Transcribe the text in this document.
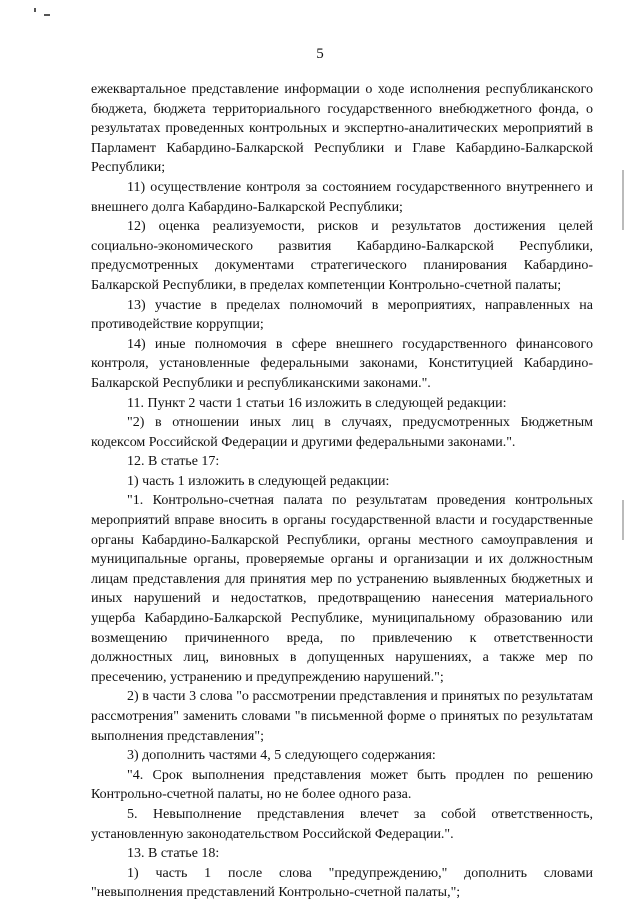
5

ежеквартальное представление информации о ходе исполнения республиканского бюджета, бюджета территориального государственного внебюджетного фонда, о результатах проведенных контрольных и экспертно-аналитических мероприятий в Парламент Кабардино-Балкарской Республики и Главе Кабардино-Балкарской Республики;

11) осуществление контроля за состоянием государственного внутреннего и внешнего долга Кабардино-Балкарской Республики;

12) оценка реализуемости, рисков и результатов достижения целей социально-экономического развития Кабардино-Балкарской Республики, предусмотренных документами стратегического планирования Кабардино-Балкарской Республики, в пределах компетенции Контрольно-счетной палаты;

13) участие в пределах полномочий в мероприятиях, направленных на противодействие коррупции;

14) иные полномочия в сфере внешнего государственного финансового контроля, установленные федеральными законами, Конституцией Кабардино-Балкарской Республики и республиканскими законами.".

11. Пункт 2 части 1 статьи 16 изложить в следующей редакции:

"2) в отношении иных лиц в случаях, предусмотренных Бюджетным кодексом Российской Федерации и другими федеральными законами.".

12. В статье 17:

1) часть 1 изложить в следующей редакции:

"1. Контрольно-счетная палата по результатам проведения контрольных мероприятий вправе вносить в органы государственной власти и государственные органы Кабардино-Балкарской Республики, органы местного самоуправления и муниципальные органы, проверяемые органы и организации и их должностным лицам представления для принятия мер по устранению выявленных бюджетных и иных нарушений и недостатков, предотвращению нанесения материального ущерба Кабардино-Балкарской Республике, муниципальному образованию или возмещению причиненного вреда, по привлечению к ответственности должностных лиц, виновных в допущенных нарушениях, а также мер по пресечению, устранению и предупреждению нарушений.";

2) в части 3 слова "о рассмотрении представления и принятых по результатам рассмотрения" заменить словами "в письменной форме о принятых по результатам выполнения представления";

3) дополнить частями 4, 5 следующего содержания:

"4. Срок выполнения представления может быть продлен по решению Контрольно-счетной палаты, но не более одного раза.

5. Невыполнение представления влечет за собой ответственность, установленную законодательством Российской Федерации.".

13. В статье 18:

1) часть 1 после слова "предупреждению," дополнить словами "невыполнения представлений Контрольно-счетной палаты,";
